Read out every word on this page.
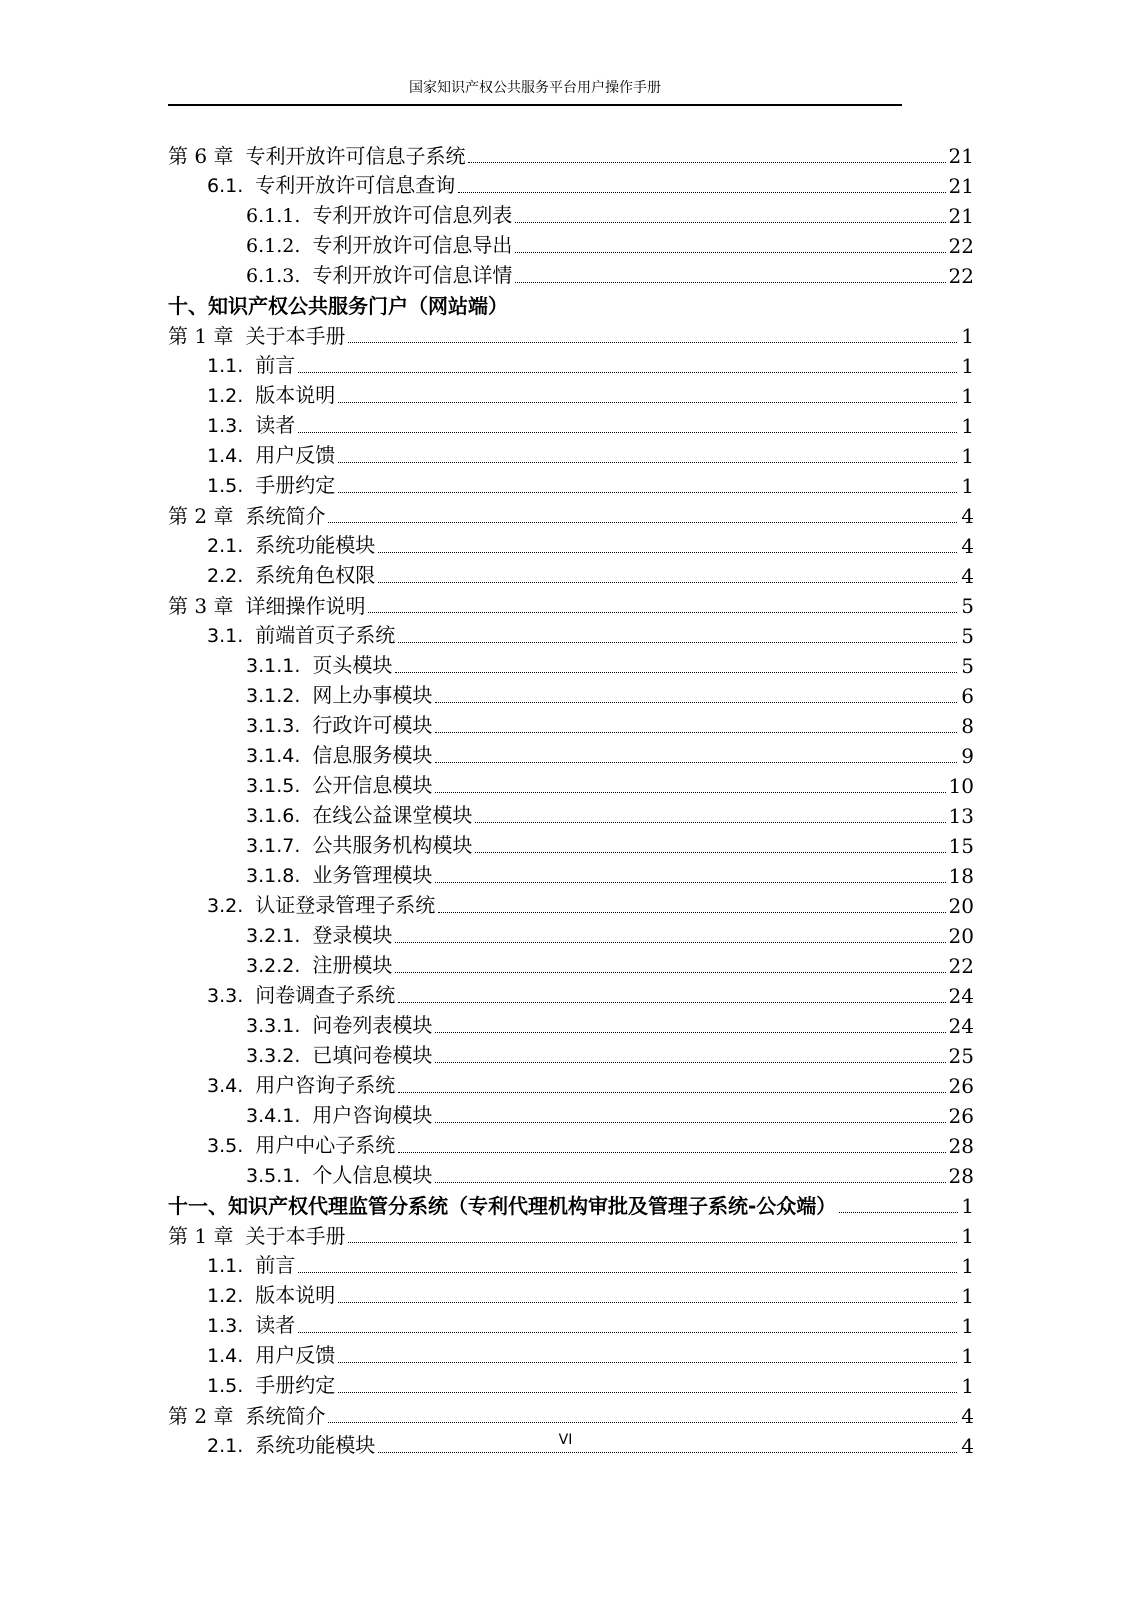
国家知识产权公共服务平台用户操作手册
第 6 章 专利开放许可信息子系统	21
6.1. 专利开放许可信息查询	21
6.1.1. 专利开放许可信息列表	21
6.1.2. 专利开放许可信息导出	22
6.1.3. 专利开放许可信息详情	22
十、知识产权公共服务门户（网站端）
第 1 章 关于本手册	1
1.1. 前言	1
1.2. 版本说明	1
1.3. 读者	1
1.4. 用户反馈	1
1.5. 手册约定	1
第 2 章 系统简介	4
2.1. 系统功能模块	4
2.2. 系统角色权限	4
第 3 章 详细操作说明	5
3.1. 前端首页子系统	5
3.1.1. 页头模块	5
3.1.2. 网上办事模块	6
3.1.3. 行政许可模块	8
3.1.4. 信息服务模块	9
3.1.5. 公开信息模块	10
3.1.6. 在线公益课堂模块	13
3.1.7. 公共服务机构模块	15
3.1.8. 业务管理模块	18
3.2. 认证登录管理子系统	20
3.2.1. 登录模块	20
3.2.2. 注册模块	22
3.3. 问卷调查子系统	24
3.3.1. 问卷列表模块	24
3.3.2. 已填问卷模块	25
3.4. 用户咨询子系统	26
3.4.1. 用户咨询模块	26
3.5. 用户中心子系统	28
3.5.1. 个人信息模块	28
十一、知识产权代理监管分系统（专利代理机构审批及管理子系统-公众端）	1
第 1 章 关于本手册	1
1.1. 前言	1
1.2. 版本说明	1
1.3. 读者	1
1.4. 用户反馈	1
1.5. 手册约定	1
第 2 章 系统简介	4
2.1. 系统功能模块	4
VI
